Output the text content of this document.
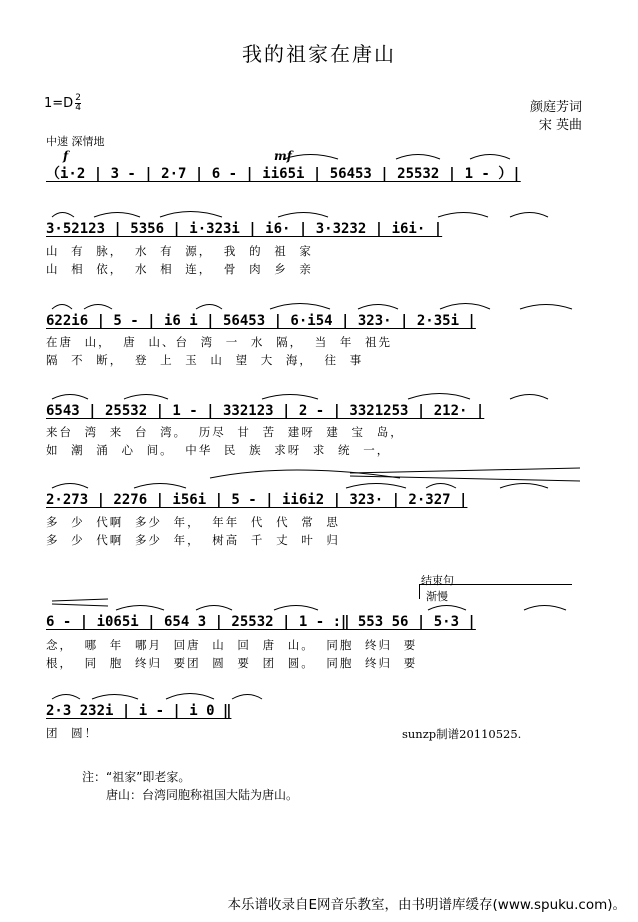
我的祖家在唐山
$1=D \frac{2}{4}$	颜庭芳词
宋 英曲
中速 深情地
f	mf
（i·2 | 3 - | 2·7 | 6 - | ii65i | 56453 | 25532 | 1 - ）|
3·52123 | 5356 | i·323i | i6· | 3·3232 | i6i· |
山 有 脉， 水 有 源， 我 的 祖 家
山 相 依， 水 相 连， 骨 肉 乡 亲
622i6 | 5 - | i6 i | 56453 | 6·i54 | 323· | 2·35i |
在唐 山， 唐 山、台 湾 一 水 隔， 当 年 祖先
隔 不 断， 登 上 玉 山 望 大 海， 往 事
6543 | 25532 | 1 - | 332123 | 2 - | 3321253 | 212· |
来台 湾 来 台 湾。 历尽 甘 苦 建呀 建 宝 岛，
如 潮 涌 心 间。 中华 民 族 求呀 求 统 一，
2·273 | 2276 | i56i | 5 - | ii6i2 | 323· | 2·327 |
多 少 代啊 多少 年， 年年 代 代 常 思
多 少 代啊 多少 年， 树高 千 丈 叶 归
结束句
渐慢
6 - | i065i | 654 3 | 25532 | 1 - :‖ 553 56 | 5·3 |
念， 哪 年 哪月 回唐 山 回 唐 山。 同胞 终归 要
根， 同 胞 终归 要团 圆 要 团 圆。 同胞 终归 要
2·3 232i | i - | i 0 ‖
团 圆！	sunzp制谱20110525.
注：“祖家”即老家。
唐山：台湾同胞称祖国大陆为唐山。
本乐谱收录自E网音乐教室，由书明谱库缓存(www.spuku.com)。
